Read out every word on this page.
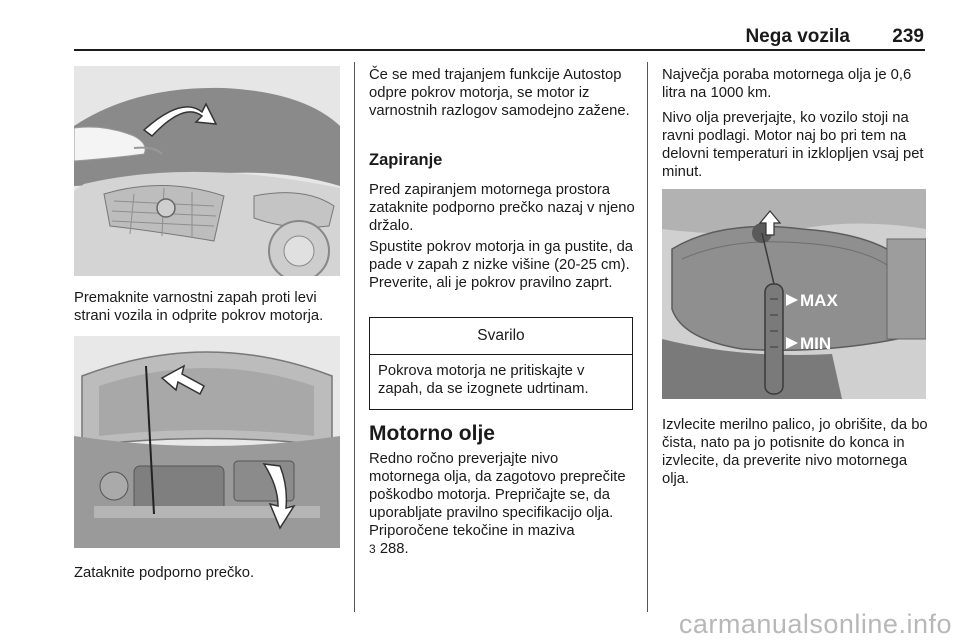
Nega vozila 239

Premaknite varnostni zapah proti levi strani vozila in odprite pokrov motorja.

Zataknite podporno prečko.

Če se med trajanjem funkcije Autostop odpre pokrov motorja, se motor iz varnostnih razlogov samodejno zažene.

Zapiranje

Pred zapiranjem motornega prostora zataknite podporno prečko nazaj v njeno držalo.

Spustite pokrov motorja in ga pustite, da pade v zapah z nizke višine (20-25 cm). Preverite, ali je pokrov pravilno zaprt.

Svarilo
Pokrova motorja ne pritiskajte v zapah, da se izognete udrtinam.
Motorno olje

Redno ročno preverjajte nivo motornega olja, da zagotovo preprečite poškodbo motorja. Prepričajte se, da uporabljate pravilno specifikacijo olja. Priporočene tekočine in maziva
3 288.

Največja poraba motornega olja je 0,6 litra na 1000 km.

Nivo olja preverjajte, ko vozilo stoji na ravni podlagi. Motor naj bo pri tem na delovni temperaturi in izklopljen vsaj pet minut.

MAX
MIN

Izvlecite merilno palico, jo obrišite, da bo čista, nato pa jo potisnite do konca in izvlecite, da preverite nivo motornega olja.

carmanualsonline.info
